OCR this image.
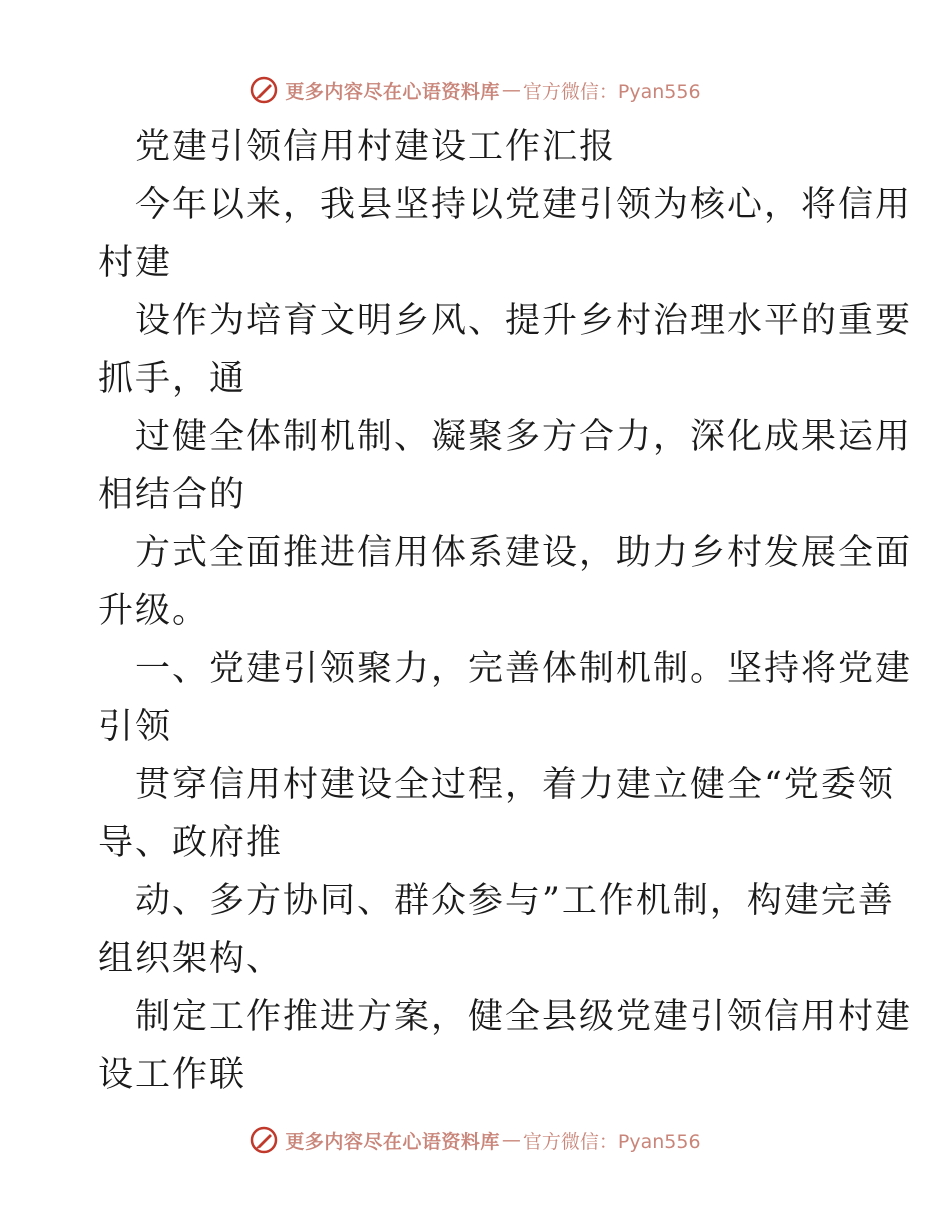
更多内容尽在心语资料库 — 官方微信：Pyan556
党建引领信用村建设工作汇报
今年以来，我县坚持以党建引领为核心，将信用
村建
设作为培育文明乡风、提升乡村治理水平的重要
抓手，通
过健全体制机制、凝聚多方合力，深化成果运用
相结合的
方式全面推进信用体系建设，助力乡村发展全面
升级。
一、党建引领聚力，完善体制机制。坚持将党建
引领
贯穿信用村建设全过程，着力建立健全“党委领
导、政府推
动、多方协同、群众参与”工作机制，构建完善
组织架构、
制定工作推进方案，健全县级党建引领信用村建
设工作联
更多内容尽在心语资料库 — 官方微信：Pyan556
